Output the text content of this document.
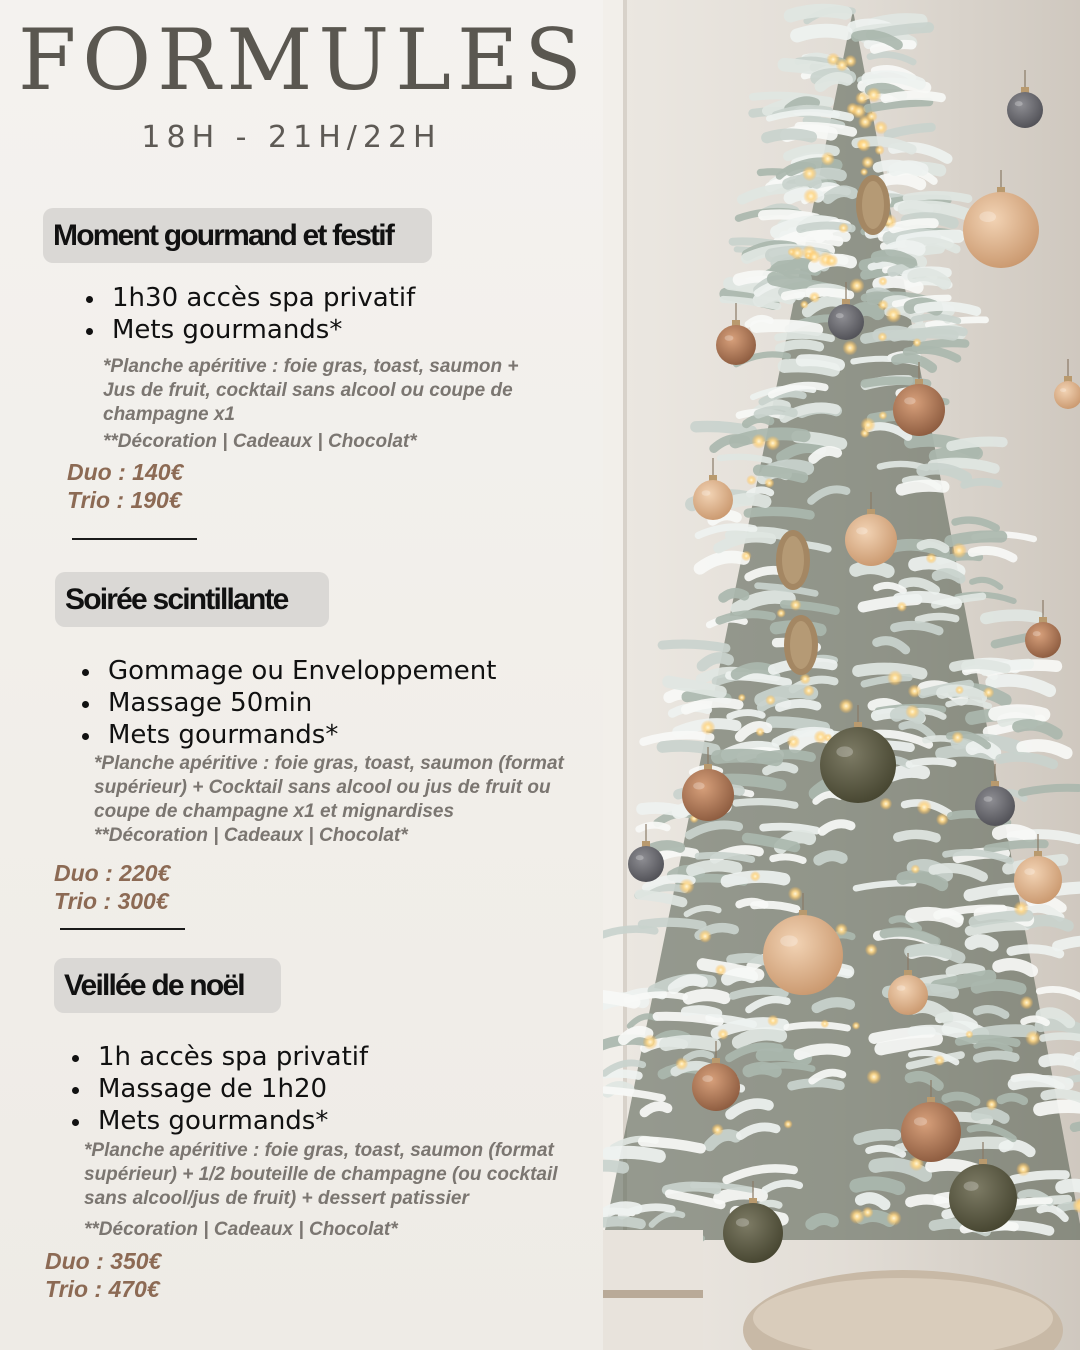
FORMULES
18H - 21H/22H
Moment gourmand et festif
1h30 accès spa privatif
Mets gourmands*
*Planche apéritive : foie gras, toast, saumon +
Jus de fruit, cocktail sans alcool ou coupe de
champagne x1
**Décoration | Cadeaux | Chocolat*
Duo : 140€
Trio : 190€
Soirée scintillante
Gommage ou Enveloppement
Massage 50min
Mets gourmands*
*Planche apéritive : foie gras, toast, saumon (format
supérieur) + Cocktail sans alcool ou jus de fruit ou
coupe de champagne x1 et mignardises
**Décoration | Cadeaux | Chocolat*
Duo : 220€
Trio : 300€
Veillée de noël
1h accès spa privatif
Massage de 1h20
Mets gourmands*
*Planche apéritive : foie gras, toast, saumon (format
supérieur) + 1/2 bouteille de champagne (ou cocktail
sans alcool/jus de fruit) + dessert patissier
**Décoration | Cadeaux | Chocolat*
Duo : 350€
Trio : 470€
